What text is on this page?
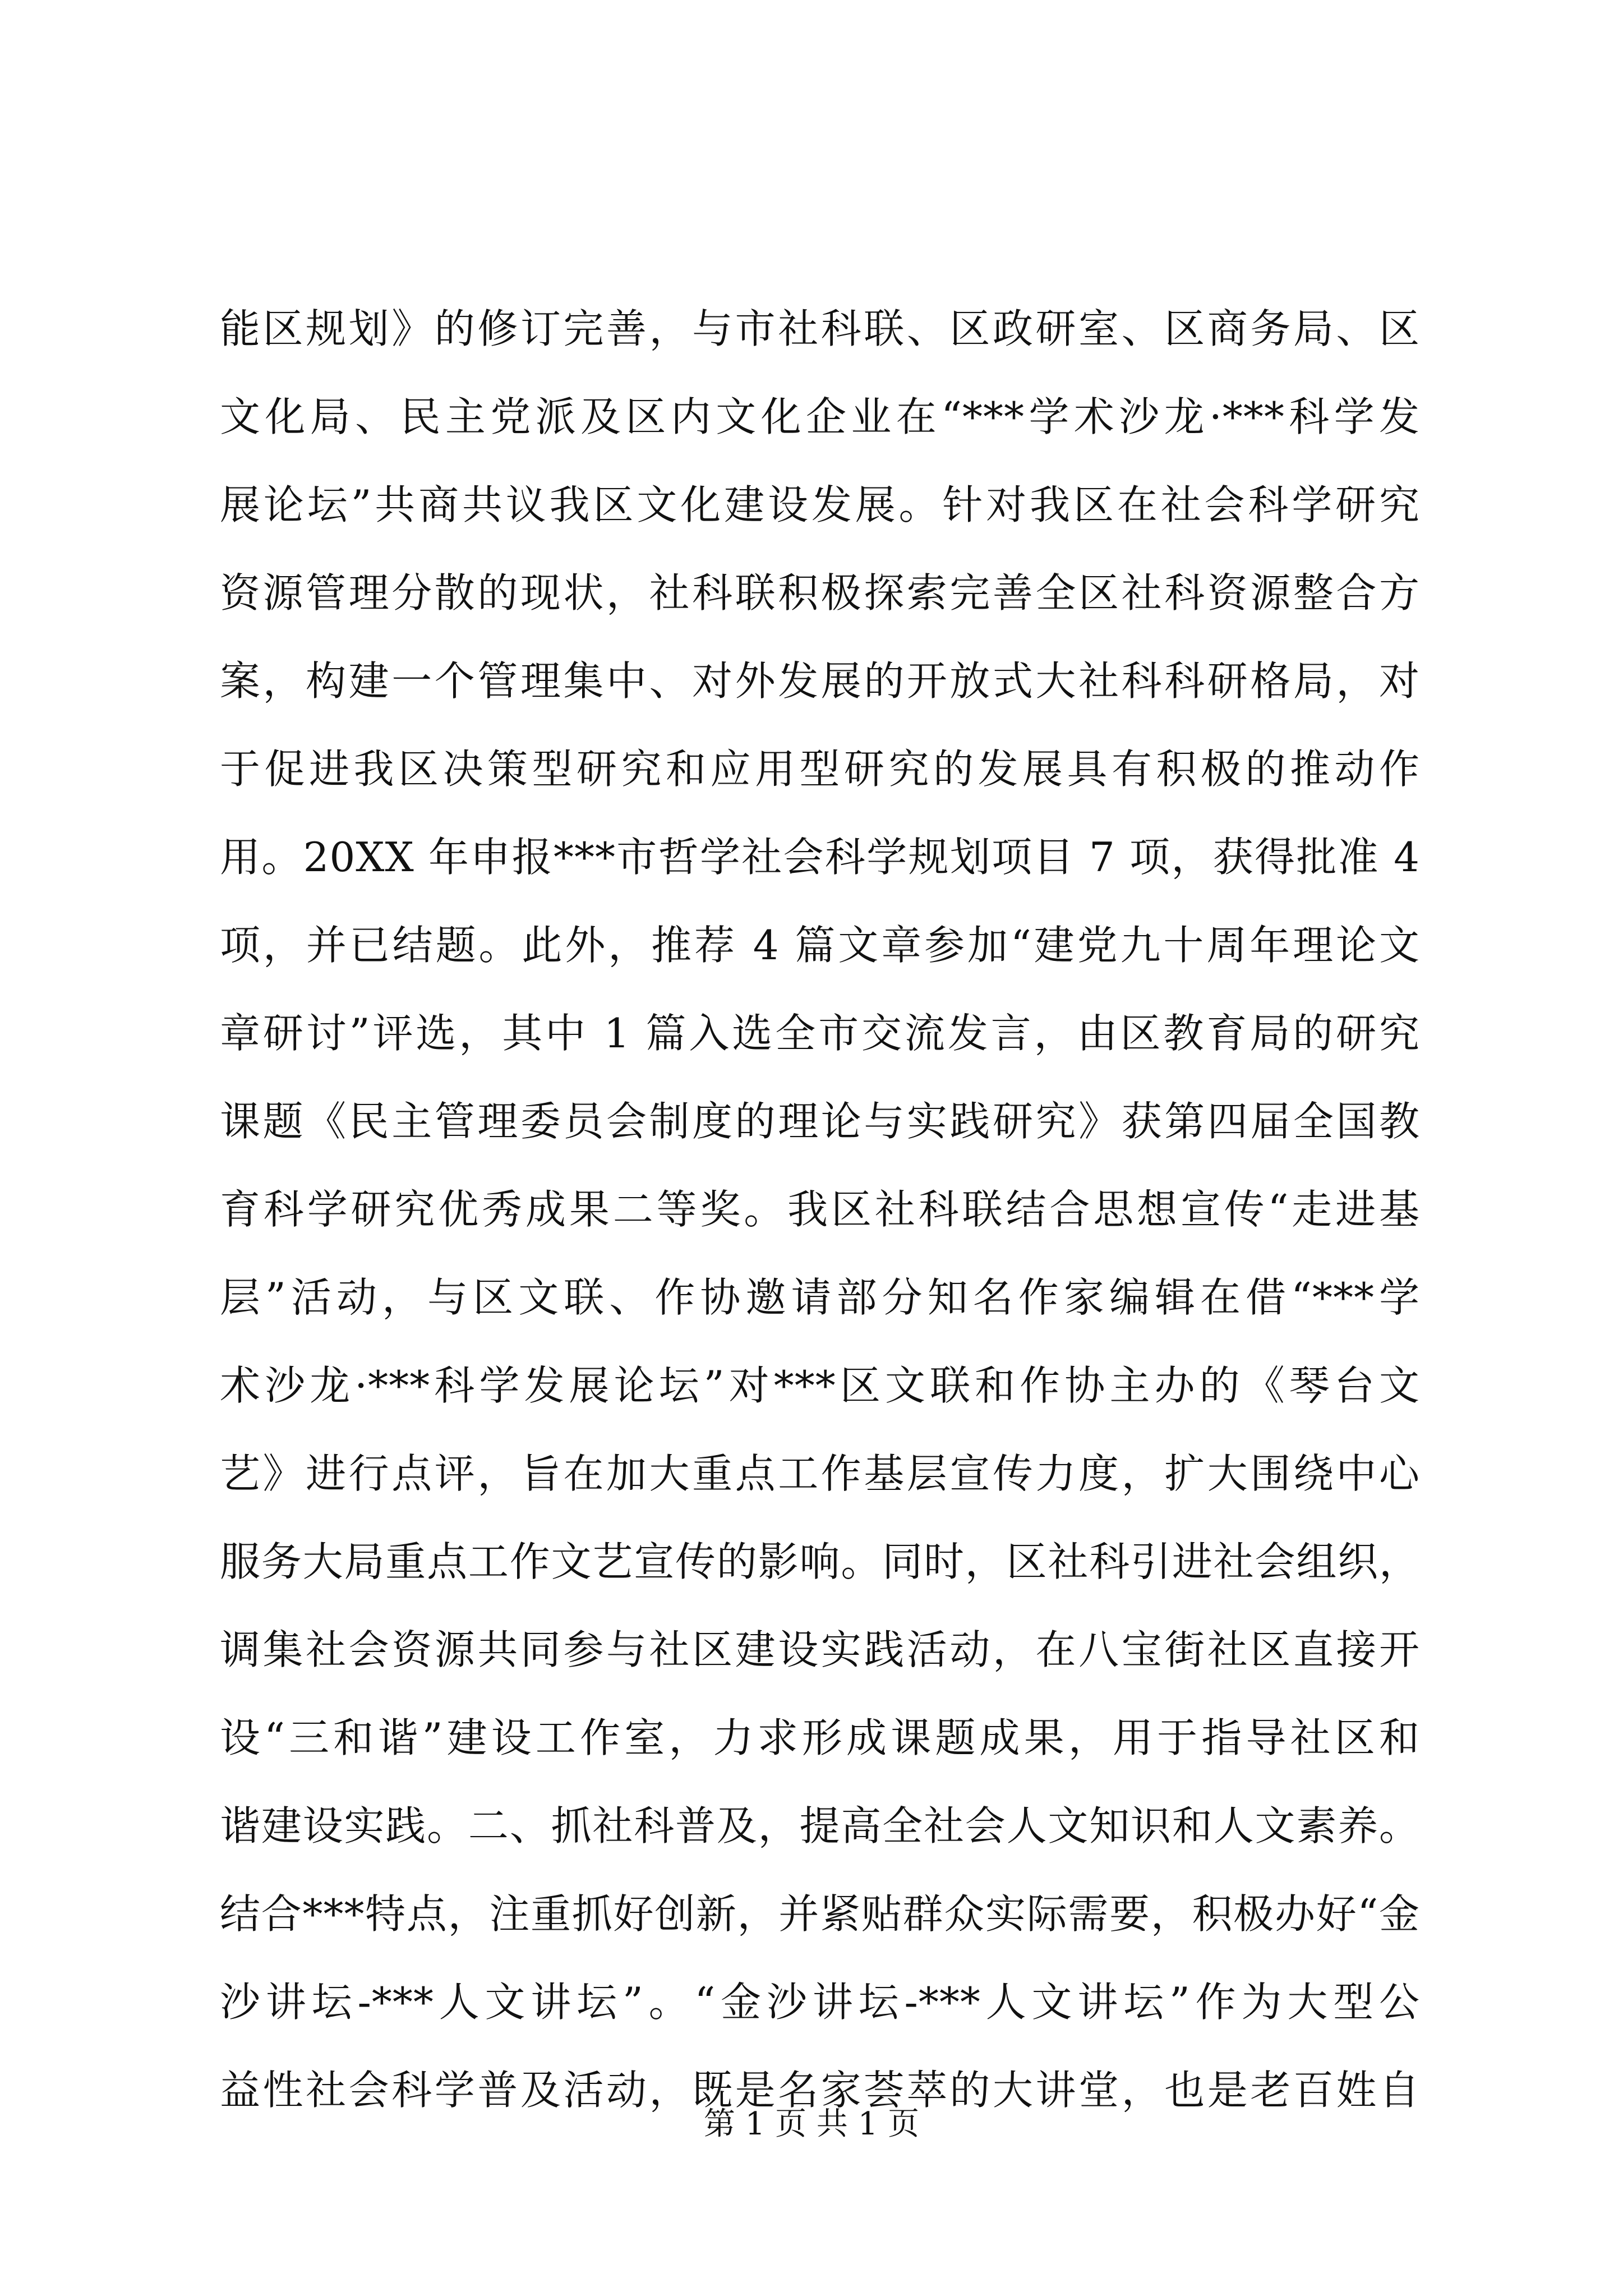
能区规划》的修订完善，与市社科联、区政研室、区商务局、区
文化局、民主党派及区内文化企业在“***学术沙龙·***科学发
展论坛”共商共议我区文化建设发展。针对我区在社会科学研究
资源管理分散的现状，社科联积极探索完善全区社科资源整合方
案，构建一个管理集中、对外发展的开放式大社科科研格局，对
于促进我区决策型研究和应用型研究的发展具有积极的推动作
用。20XX 年申报***市哲学社会科学规划项目 7 项，获得批准 4
项，并已结题。此外，推荐 4 篇文章参加“建党九十周年理论文
章研讨”评选，其中 1 篇入选全市交流发言，由区教育局的研究
课题《民主管理委员会制度的理论与实践研究》获第四届全国教
育科学研究优秀成果二等奖。我区社科联结合思想宣传“走进基
层”活动，与区文联、作协邀请部分知名作家编辑在借“***学
术沙龙·***科学发展论坛”对***区文联和作协主办的《琴台文
艺》进行点评，旨在加大重点工作基层宣传力度，扩大围绕中心
服务大局重点工作文艺宣传的影响。同时，区社科引进社会组织，
调集社会资源共同参与社区建设实践活动，在八宝街社区直接开
设“三和谐”建设工作室，力求形成课题成果，用于指导社区和
谐建设实践。二、抓社科普及，提高全社会人文知识和人文素养。
结合***特点，注重抓好创新，并紧贴群众实际需要，积极办好“金
沙讲坛-***人文讲坛”。“金沙讲坛-***人文讲坛”作为大型公
益性社会科学普及活动，既是名家荟萃的大讲堂，也是老百姓自
第 1 页 共 1 页
